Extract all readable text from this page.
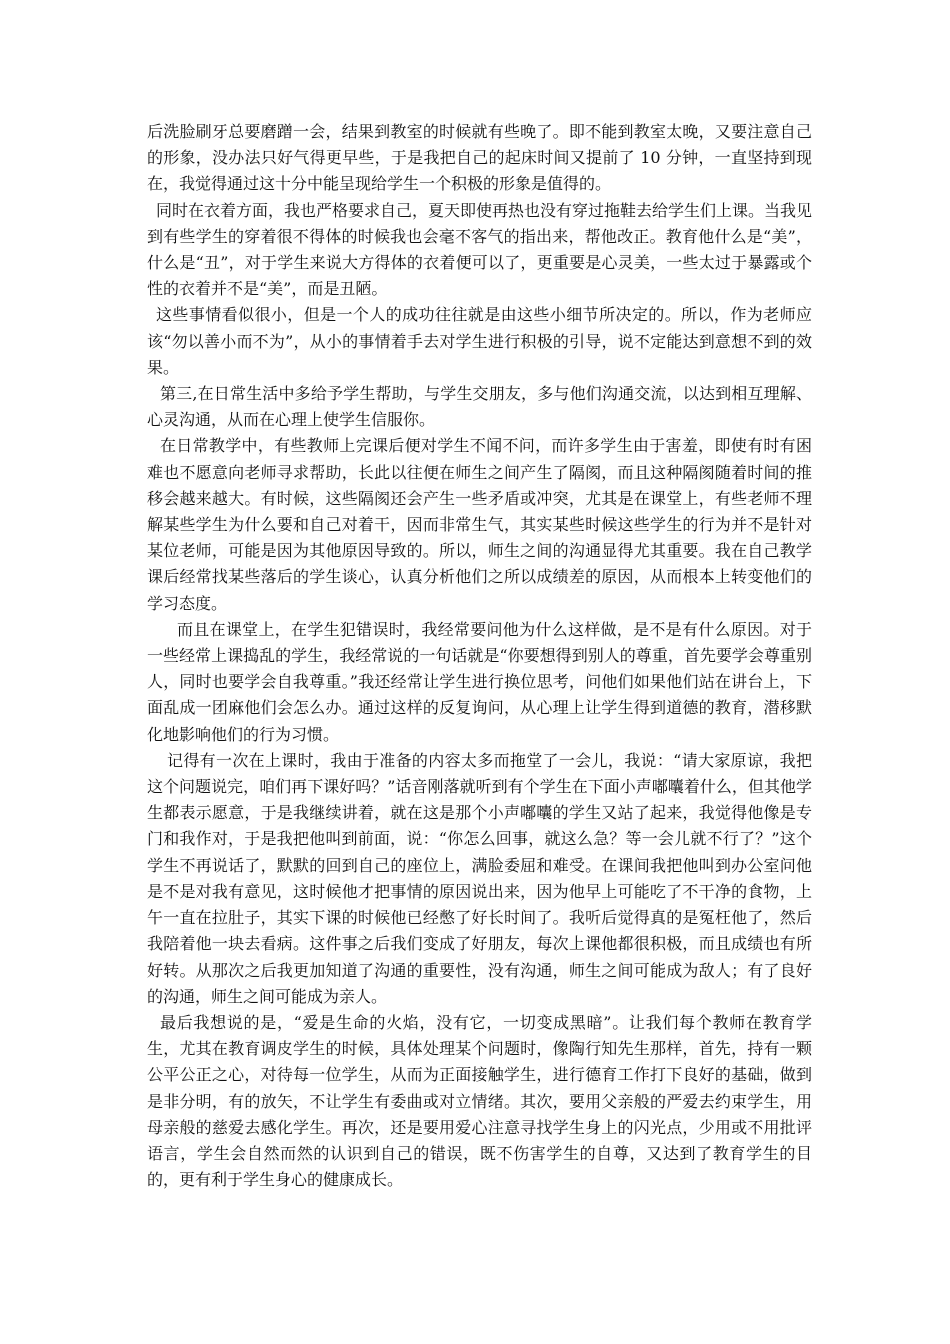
后洗脸刷牙总要磨蹭一会，结果到教室的时候就有些晚了。即不能到教室太晚，又要注意自己的形象，没办法只好气得更早些，于是我把自己的起床时间又提前了 10 分钟，一直坚持到现在，我觉得通过这十分中能呈现给学生一个积极的形象是值得的。

同时在衣着方面，我也严格要求自己，夏天即使再热也没有穿过拖鞋去给学生们上课。当我见到有些学生的穿着很不得体的时候我也会毫不客气的指出来，帮他改正。教育他什么是“美”，什么是“丑”，对于学生来说大方得体的衣着便可以了，更重要是心灵美，一些太过于暴露或个性的衣着并不是“美”，而是丑陋。

这些事情看似很小，但是一个人的成功往往就是由这些小细节所决定的。所以，作为老师应该“勿以善小而不为”，从小的事情着手去对学生进行积极的引导，说不定能达到意想不到的效果。

第三,在日常生活中多给予学生帮助，与学生交朋友，多与他们沟通交流，以达到相互理解、心灵沟通，从而在心理上使学生信服你。

在日常教学中，有些教师上完课后便对学生不闻不问，而许多学生由于害羞，即使有时有困难也不愿意向老师寻求帮助，长此以往便在师生之间产生了隔阂，而且这种隔阂随着时间的推移会越来越大。有时候，这些隔阂还会产生一些矛盾或冲突，尤其是在课堂上，有些老师不理解某些学生为什么要和自己对着干，因而非常生气，其实某些时候这些学生的行为并不是针对某位老师，可能是因为其他原因导致的。所以，师生之间的沟通显得尤其重要。我在自己教学课后经常找某些落后的学生谈心，认真分析他们之所以成绩差的原因，从而根本上转变他们的学习态度。

而且在课堂上，在学生犯错误时，我经常要问他为什么这样做，是不是有什么原因。对于一些经常上课捣乱的学生，我经常说的一句话就是“你要想得到别人的尊重，首先要学会尊重别人，同时也要学会自我尊重。”我还经常让学生进行换位思考，问他们如果他们站在讲台上，下面乱成一团麻他们会怎么办。通过这样的反复询问，从心理上让学生得到道德的教育，潜移默化地影响他们的行为习惯。

记得有一次在上课时，我由于准备的内容太多而拖堂了一会儿，我说：“请大家原谅，我把这个问题说完，咱们再下课好吗？”话音刚落就听到有个学生在下面小声嘟囔着什么，但其他学生都表示愿意，于是我继续讲着，就在这是那个小声嘟囔的学生又站了起来，我觉得他像是专门和我作对，于是我把他叫到前面，说：“你怎么回事，就这么急？等一会儿就不行了？”这个学生不再说话了，默默的回到自己的座位上，满脸委屈和难受。在课间我把他叫到办公室问他是不是对我有意见，这时候他才把事情的原因说出来，因为他早上可能吃了不干净的食物，上午一直在拉肚子，其实下课的时候他已经憋了好长时间了。我听后觉得真的是冤枉他了，然后我陪着他一块去看病。这件事之后我们变成了好朋友，每次上课他都很积极，而且成绩也有所好转。从那次之后我更加知道了沟通的重要性，没有沟通，师生之间可能成为敌人；有了良好的沟通，师生之间可能成为亲人。

最后我想说的是，“爱是生命的火焰，没有它，一切变成黑暗”。让我们每个教师在教育学生，尤其在教育调皮学生的时候，具体处理某个问题时，像陶行知先生那样，首先，持有一颗公平公正之心，对待每一位学生，从而为正面接触学生，进行德育工作打下良好的基础，做到是非分明，有的放矢，不让学生有委曲或对立情绪。其次，要用父亲般的严爱去约束学生，用母亲般的慈爱去感化学生。再次，还是要用爱心注意寻找学生身上的闪光点，少用或不用批评语言，学生会自然而然的认识到自己的错误，既不伤害学生的自尊，又达到了教育学生的目的，更有利于学生身心的健康成长。
